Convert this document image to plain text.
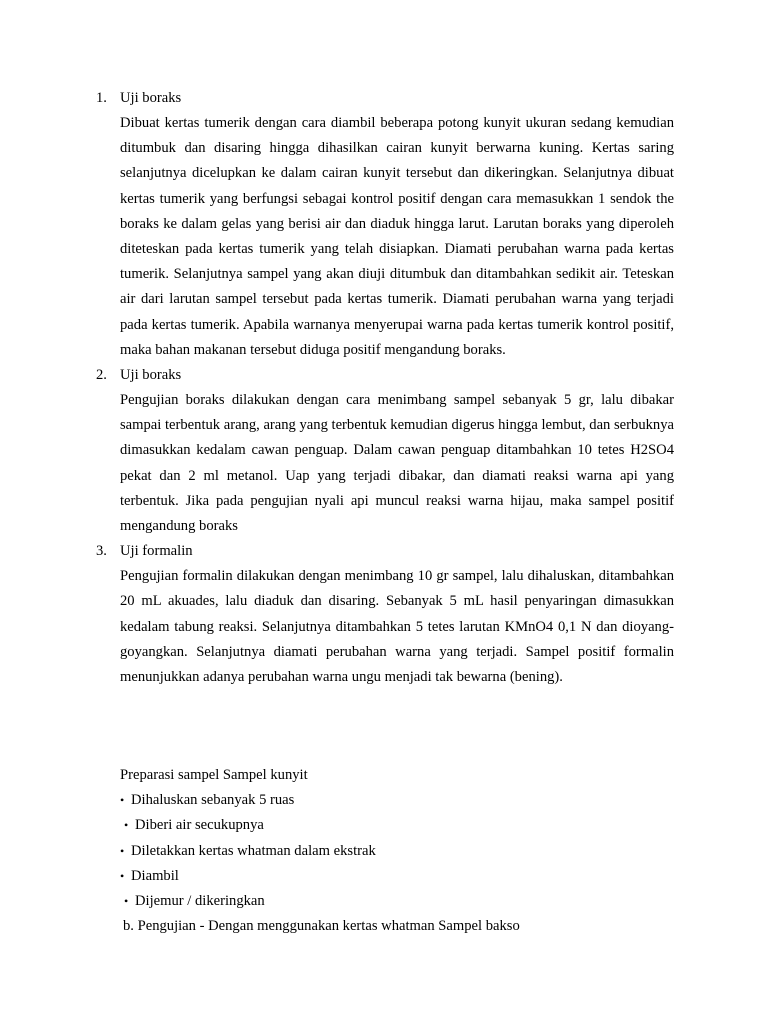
1. Uji boraks

Dibuat kertas tumerik dengan cara diambil beberapa potong kunyit ukuran sedang kemudian ditumbuk dan disaring hingga dihasilkan cairan kunyit berwarna kuning. Kertas saring selanjutnya dicelupkan ke dalam cairan kunyit tersebut dan dikeringkan. Selanjutnya dibuat kertas tumerik yang berfungsi sebagai kontrol positif dengan cara memasukkan 1 sendok the boraks ke dalam gelas yang berisi air dan diaduk hingga larut. Larutan boraks yang diperoleh diteteskan pada kertas tumerik yang telah disiapkan. Diamati perubahan warna pada kertas tumerik. Selanjutnya sampel yang akan diuji ditumbuk dan ditambahkan sedikit air. Teteskan air dari larutan sampel tersebut pada kertas tumerik. Diamati perubahan warna yang terjadi pada kertas tumerik. Apabila warnanya menyerupai warna pada kertas tumerik kontrol positif, maka bahan makanan tersebut diduga positif mengandung boraks.

2. Uji boraks

Pengujian boraks dilakukan dengan cara menimbang sampel sebanyak 5 gr, lalu dibakar sampai terbentuk arang, arang yang terbentuk kemudian digerus hingga lembut, dan serbuknya dimasukkan kedalam cawan penguap. Dalam cawan penguap ditambahkan 10 tetes H2SO4 pekat dan 2 ml metanol. Uap yang terjadi dibakar, dan diamati reaksi warna api yang terbentuk. Jika pada pengujian nyali api muncul reaksi warna hijau, maka sampel positif mengandung boraks

3. Uji formalin

Pengujian formalin dilakukan dengan menimbang 10 gr sampel, lalu dihaluskan, ditambahkan 20 mL akuades, lalu diaduk dan disaring. Sebanyak 5 mL hasil penyaringan dimasukkan kedalam tabung reaksi. Selanjutnya ditambahkan 5 tetes larutan KMnO4 0,1 N dan dioyang-goyangkan. Selanjutnya diamati perubahan warna yang terjadi. Sampel positif formalin menunjukkan adanya perubahan warna ungu menjadi tak bewarna (bening).

Preparasi sampel Sampel kunyit
• Dihaluskan sebanyak 5 ruas
• Diberi air secukupnya
• Diletakkan kertas whatman dalam ekstrak
• Diambil
• Dijemur / dikeringkan
b. Pengujian - Dengan menggunakan kertas whatman Sampel bakso
